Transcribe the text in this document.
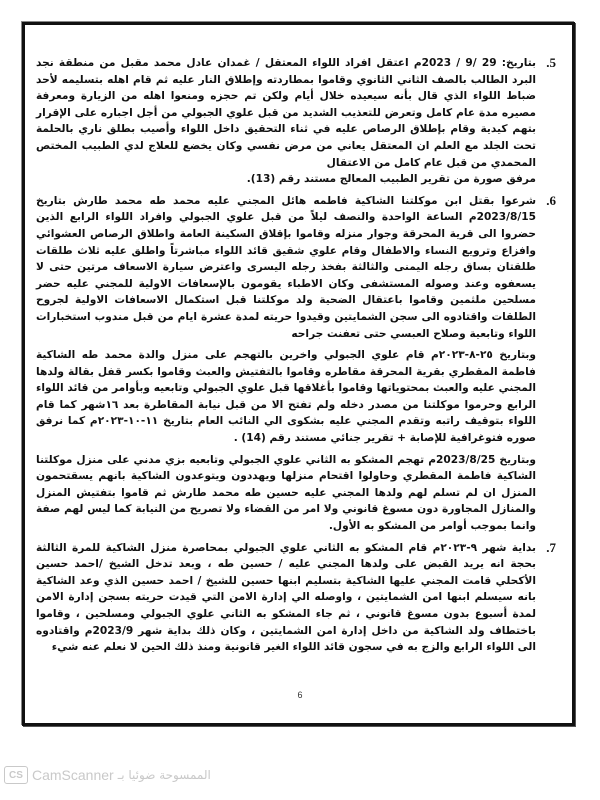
5.

بتاريخ: 29 /9 / 2023م اعتقل افراد اللواء المعتقل / غمدان عادل محمد مقبل من منطقة نجد البرد الطالب بالصف الثاني الثانوي وقاموا بمطاردته وإطلاق النار عليه ثم قام اهله بتسليمه لأحد ضباط اللواء الذي قال بأنه سيعيده خلال أيام ولكن تم حجزه ومنعوا اهله من الزيارة ومعرفة مصيره مدة عام كامل وتعرض للتعذيب الشديد من قبل علوي الجبولي من أجل اجباره على الإقرار بتهم كيدية وقام بإطلاق الرصاص عليه في ثناء التحقيق داخل اللواء وأصيب بطلق ناري بالحلمة تحت الجلد مع العلم ان المعتقل يعاني من مرض نفسي وكان يخضع للعلاج لدي الطبيب المختص المحمدي من قبل عام كامل من الاعتقال

مرفق صورة من تقرير الطبيب المعالج مستند رقم (13).

6.

شرعوا بقتل ابن موكلتنا الشاكية فاطمه هائل المجني عليه محمد طه محمد طارش بتاريخ 2023/8/15م الساعة الواحدة والنصف ليلاً من قبل علوي الجبولي وافراد اللواء الرابع الذين حضروا الى قرية المحرقة وجوار منزله وقاموا بإقلاق السكينة العامة واطلاق الرصاص العشوائي وافزاع وترويع النساء والاطفال وقام علوي شقيق قائد اللواء مباشرتاً واطلق عليه ثلاث طلقات طلقتان بساق رجله اليمنى والثالثة بفخذ رجله اليسرى واعترض سيارة الاسعاف مرتين حتى لا يسعفوه وعند وصوله المستشفى وكان الاطباء يقومون بالإسعافات الاولية للمجني عليه حضر مسلحين ملثمين وقاموا باعتقال الضحية ولد موكلتنا قبل استكمال الاسعافات الاولية لجروح الطلقات واقتادوه الى سجن الشمايتين وقيدوا حريته لمدة عشرة ايام من قبل مندوب استخبارات اللواء وتابعية وصلاح العبسي حتى تعفنت جراحه

وبتاريخ ٢٥-٨-٢٠٢٣م قام علوي الجبولي واخرين بالتهجم على منزل والدة محمد طه الشاكية فاطمة المقطري بقرية المحرقة مقاطره وقاموا بالتفتيش والعبث وقاموا بكسر قفل بقالة ولدها المجني عليه والعبث بمحتوياتها وقاموا بأغلاقها قبل علوي الجبولي وتابعيه وبأوامر من قائد اللواء الرابع وحرموا موكلتنا من مصدر دخله ولم تفتح الا من قبل نيابة المقاطرة بعد ١٦شهر كما قام اللواء بتوقيف راتبه وتقدم المجني عليه بشكوى الي النائب العام بتاريخ ١١-١٠-٢٠٢٣م كما نرفق صوره فتوغرافية للإصابة + تقرير جنائي مستند رقم (14) .

وبتاريخ 2023/8/25م تهجم المشكو به الثاني علوي الجبولي وتابعيه بزي مدني على منزل موكلتنا الشاكية فاطمة المقطري وحاولوا اقتحام منزلها ويهددون ويتوعدون الشاكية بانهم يسقتحمون المنزل ان لم تسلم لهم ولدها المجني عليه حسين طه محمد طارش ثم قاموا بتفتيش المنزل والمنازل المجاورة دون مسوغ قانوني ولا امر من القضاء ولا تصريح من النيابة كما ليس لهم صفة وانما بموجب أوامر من المشكو به الأول.

7.

بداية شهر ٩-٢٠٢٣م قام المشكو به الثاني علوي الجبولي بمحاصرة منزل الشاكية للمرة الثالثة بحجة انه يريد القبض على ولدها المجني عليه / حسين طه ، وبعد تدخل الشيخ /احمد حسين الأكحلي قامت المجني عليها الشاكية بتسليم ابنها حسين للشيخ / احمد حسين الذي وعد الشاكية بانه سيسلم ابنها امن الشمايتين ، واوصله الي إدارة الامن التي قيدت حريته بسجن إدارة الامن لمدة أسبوع بدون مسوغ قانوني ، ثم جاء المشكو به الثاني علوي الجبولي ومسلحين ، وقاموا باختطاف ولد الشاكية من داخل إدارة امن الشمايتين ، وكان ذلك بداية شهر 2023/9م واقتادوه الى اللواء الرابع والزج به في سجون قائد اللواء الغير قانونية ومنذ ذلك الحين لا نعلم عنه شيء

6
CS CamScanner الممسوحة ضوئيا بـ
